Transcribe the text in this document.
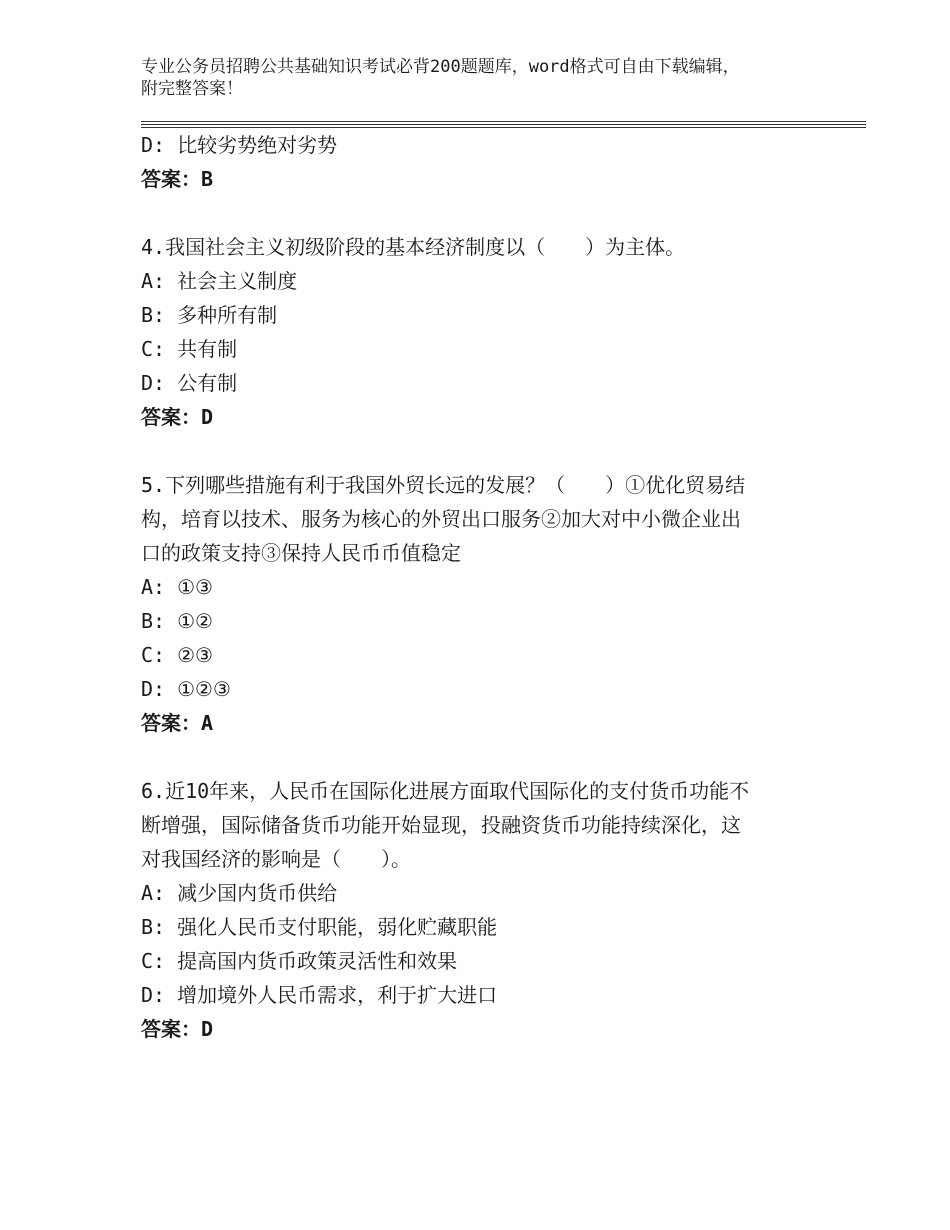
专业公务员招聘公共基础知识考试必背200题题库，word格式可自由下载编辑，
附完整答案！
D: 比较劣势绝对劣势
答案：B
4.我国社会主义初级阶段的基本经济制度以（　　）为主体。
A: 社会主义制度
B: 多种所有制
C: 共有制
D: 公有制
答案：D
5.下列哪些措施有利于我国外贸长远的发展？（　　）①优化贸易结
构，培育以技术、服务为核心的外贸出口服务②加大对中小微企业出
口的政策支持③保持人民币币值稳定
A: ①③
B: ①②
C: ②③
D: ①②③
答案：A
6.近10年来，人民币在国际化进展方面取代国际化的支付货币功能不
断增强，国际储备货币功能开始显现，投融资货币功能持续深化，这
对我国经济的影响是（　　）。
A: 减少国内货币供给
B: 强化人民币支付职能，弱化贮藏职能
C: 提高国内货币政策灵活性和效果
D: 增加境外人民币需求，利于扩大进口
答案：D
